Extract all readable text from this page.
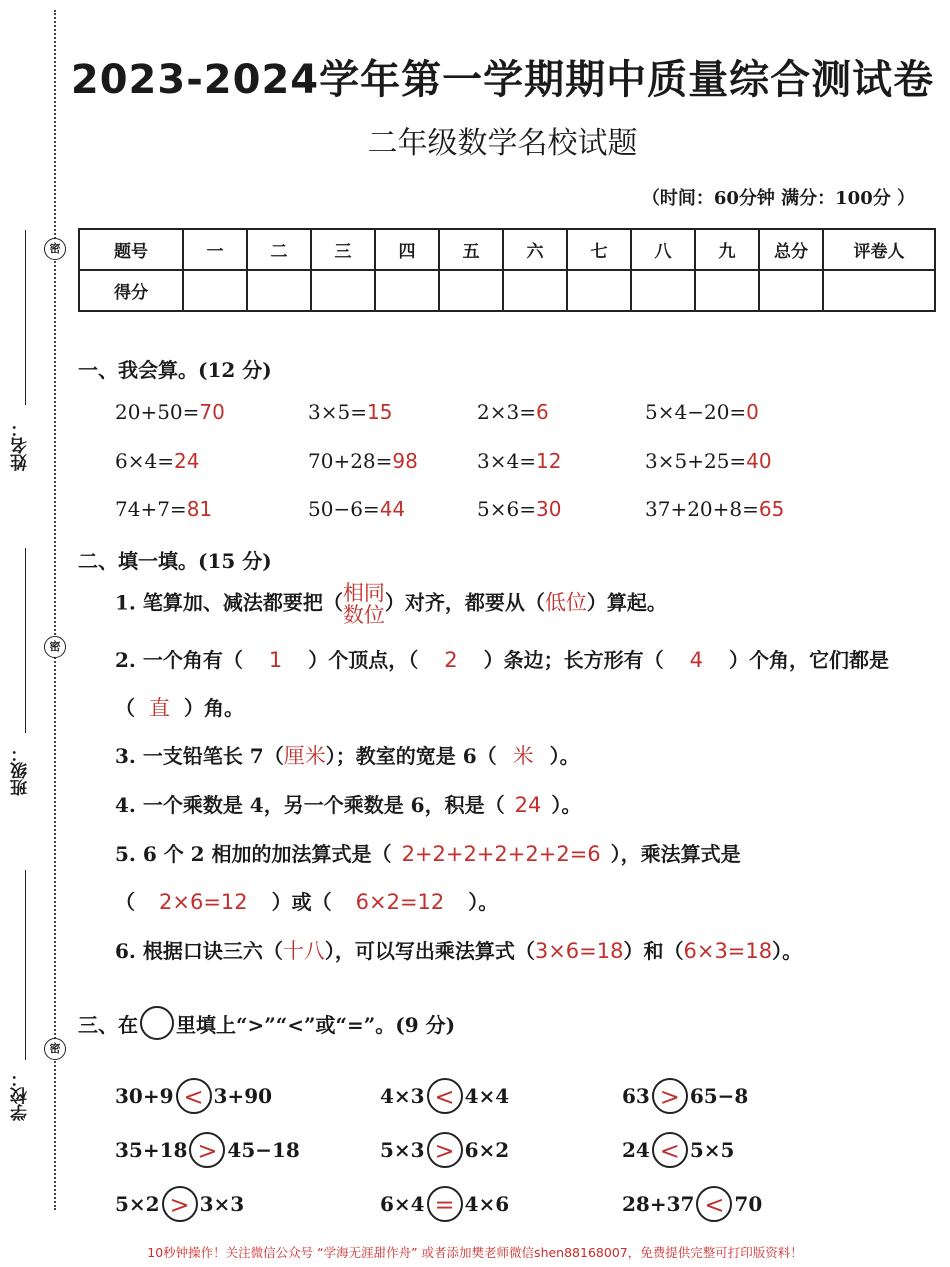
密
密
密
姓名：
班级：
学校：
2023-2024学年第一学期期中质量综合测试卷
二年级数学名校试题
（时间：60分钟 满分：100分 ）
题号	一	二	三	四	五	六	七	八	九	总分	评卷人
得分											
一、我会算。(12 分)
20+50=70	3×5=15	2×3=6	5×4−20=0
6×4=24	70+28=98	3×4=12	3×5+25=40
74+7=81	50−6=44	5×6=30	37+20+8=65
二、填一填。(15 分)
1. 笔算加、减法都要把（相同
数位）对齐，都要从（低位）算起。
2. 一个角有（ 1 ）个顶点，（ 2 ）条边；长方形有（ 4 ）个角，它们都是
（ 直 ）角。
3. 一支铅笔长 7（厘米）；教室的宽是 6（ 米 ）。
4. 一个乘数是 4，另一个乘数是 6，积是（ 24 ）。
5. 6 个 2 相加的加法算式是（ 2+2+2+2+2+2=6 ），乘法算式是
（ 2×6=12 ）或（ 6×2=12 ）。
6. 根据口诀三六（十八），可以写出乘法算式（3×6=18）和（6×3=18）。
三、在 里填上“>”“<”或“=”。(9 分)
30+9 < 3+90	4×3 < 4×4	63 > 65−8
35+18 > 45−18	5×3 > 6×2	24 < 5×5
5×2 > 3×3	6×4 = 4×6	28+37 < 70
10秒钟操作！关注微信公众号 “学海无涯甜作舟” 或者添加樊老师微信shen88168007，免费提供完整可打印版资料！
